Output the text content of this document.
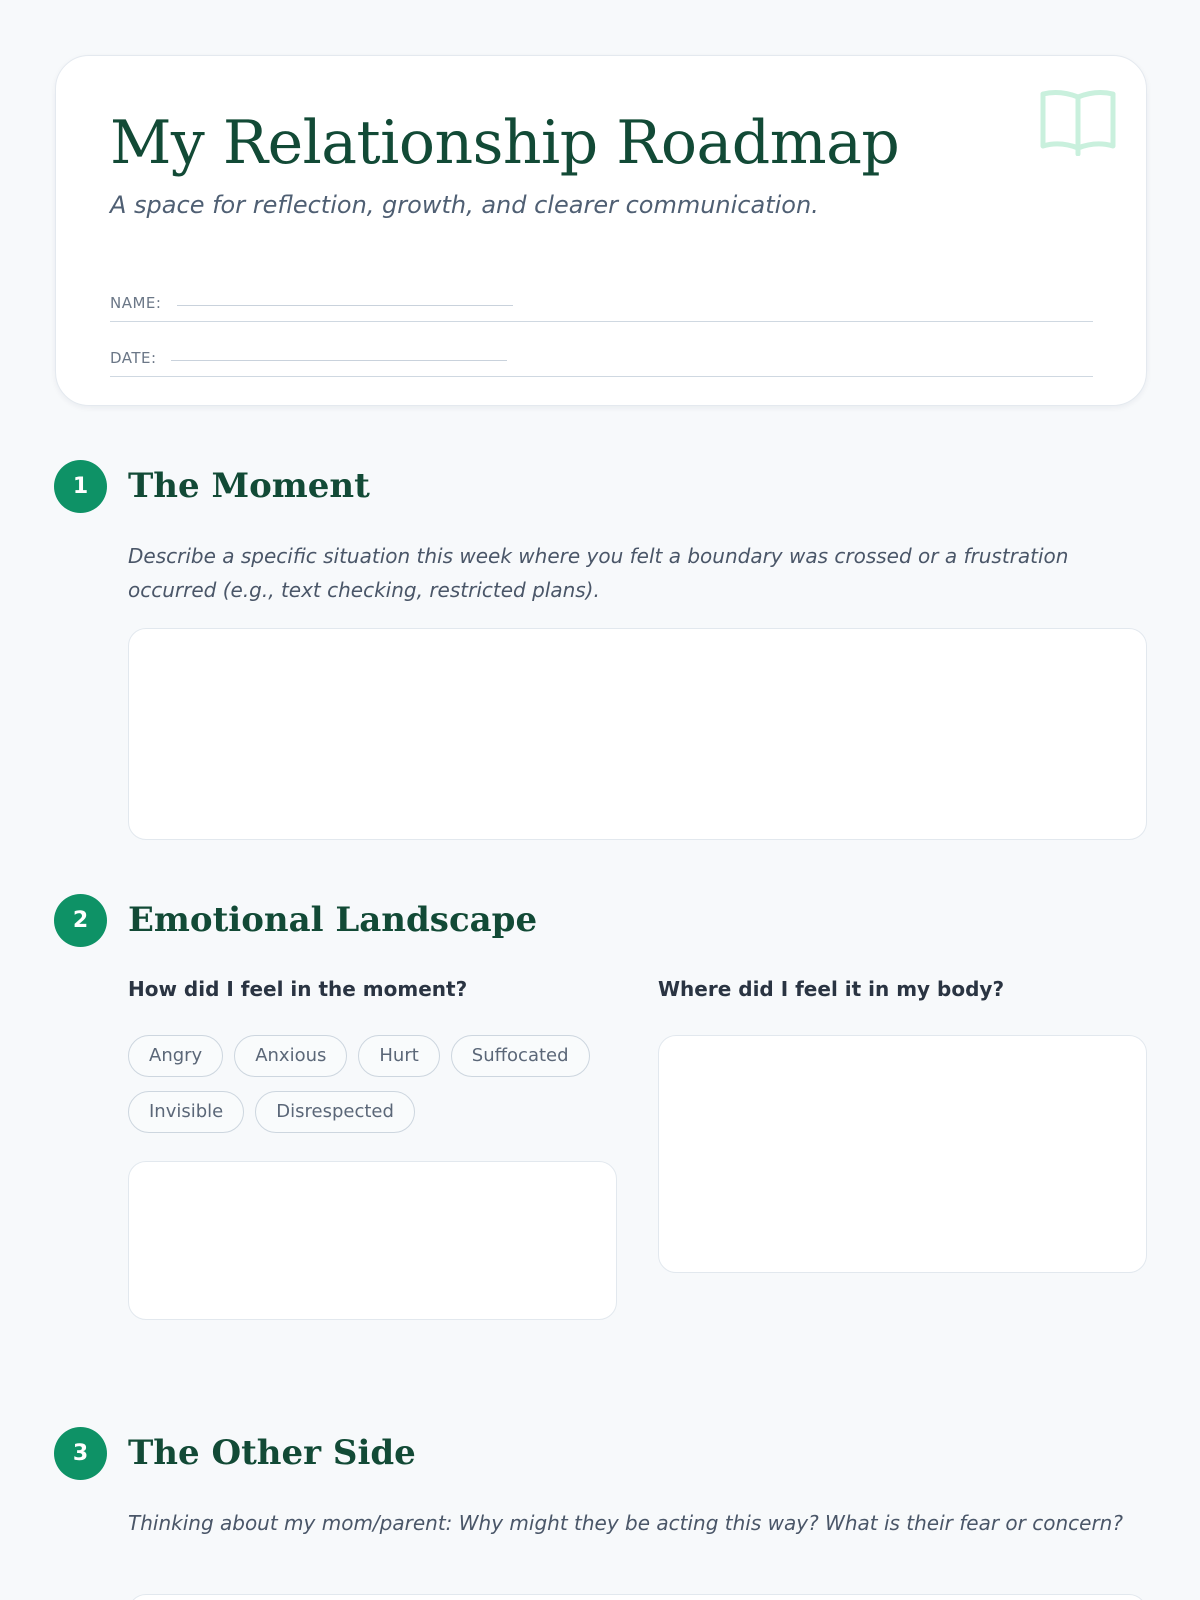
My Relationship Roadmap

A space for reflection, growth, and clearer communication.

NAME:
DATE:
1	The Moment

Describe a specific situation this week where you felt a boundary was crossed or a frustration occurred (e.g., text checking, restricted plans).

2	Emotional Landscape

How did I feel in the moment?	Where did I feel it in my body?

Angry	Anxious	Hurt	SuffocatedInvisible	Disrespected
3	The Other Side

Thinking about my mom/parent: Why might they be acting this way? What is their fear or concern?
